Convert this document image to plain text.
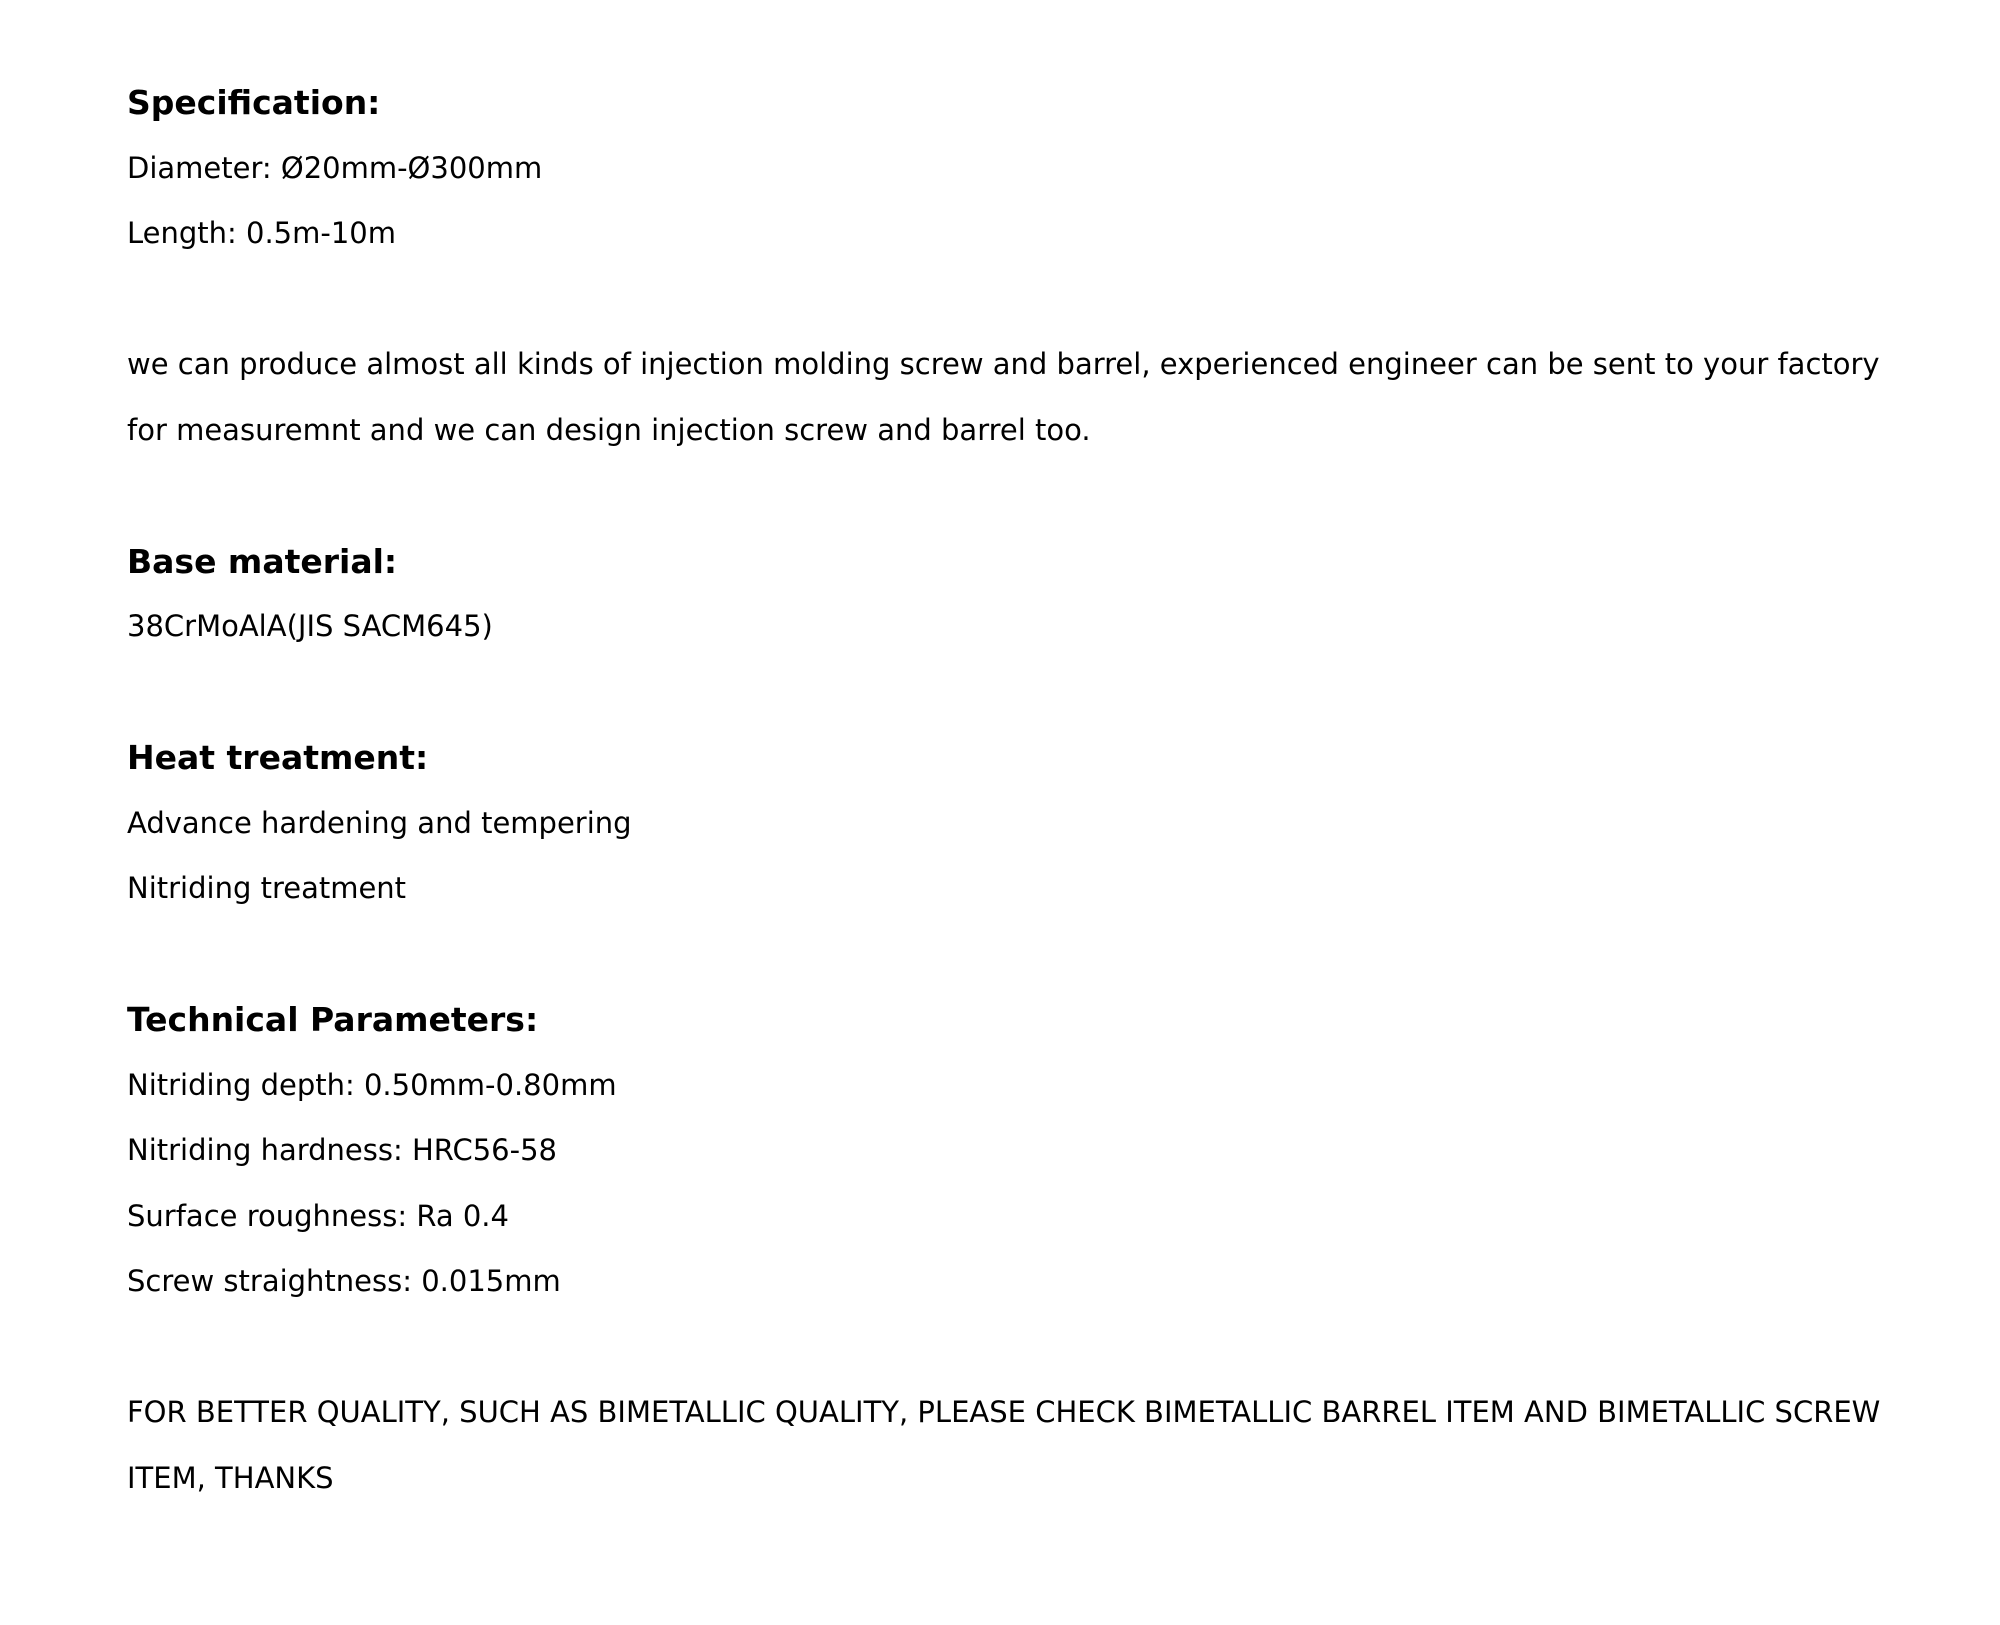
Specification:
Diameter: Ø20mm-Ø300mm
Length: 0.5m-10m

we can produce almost all kinds of injection molding screw and barrel, experienced engineer can be sent to your factory for measuremnt and we can design injection screw and barrel too.

Base material:
38CrMoAlA(JIS SACM645)
Heat treatment:
Advance hardening and tempering
Nitriding treatment
Technical Parameters:
Nitriding depth: 0.50mm-0.80mm
Nitriding hardness: HRC56-58
Surface roughness: Ra 0.4
Screw straightness: 0.015mm

FOR BETTER QUALITY, SUCH AS BIMETALLIC QUALITY, PLEASE CHECK BIMETALLIC BARREL ITEM AND BIMETALLIC SCREW ITEM, THANKS
